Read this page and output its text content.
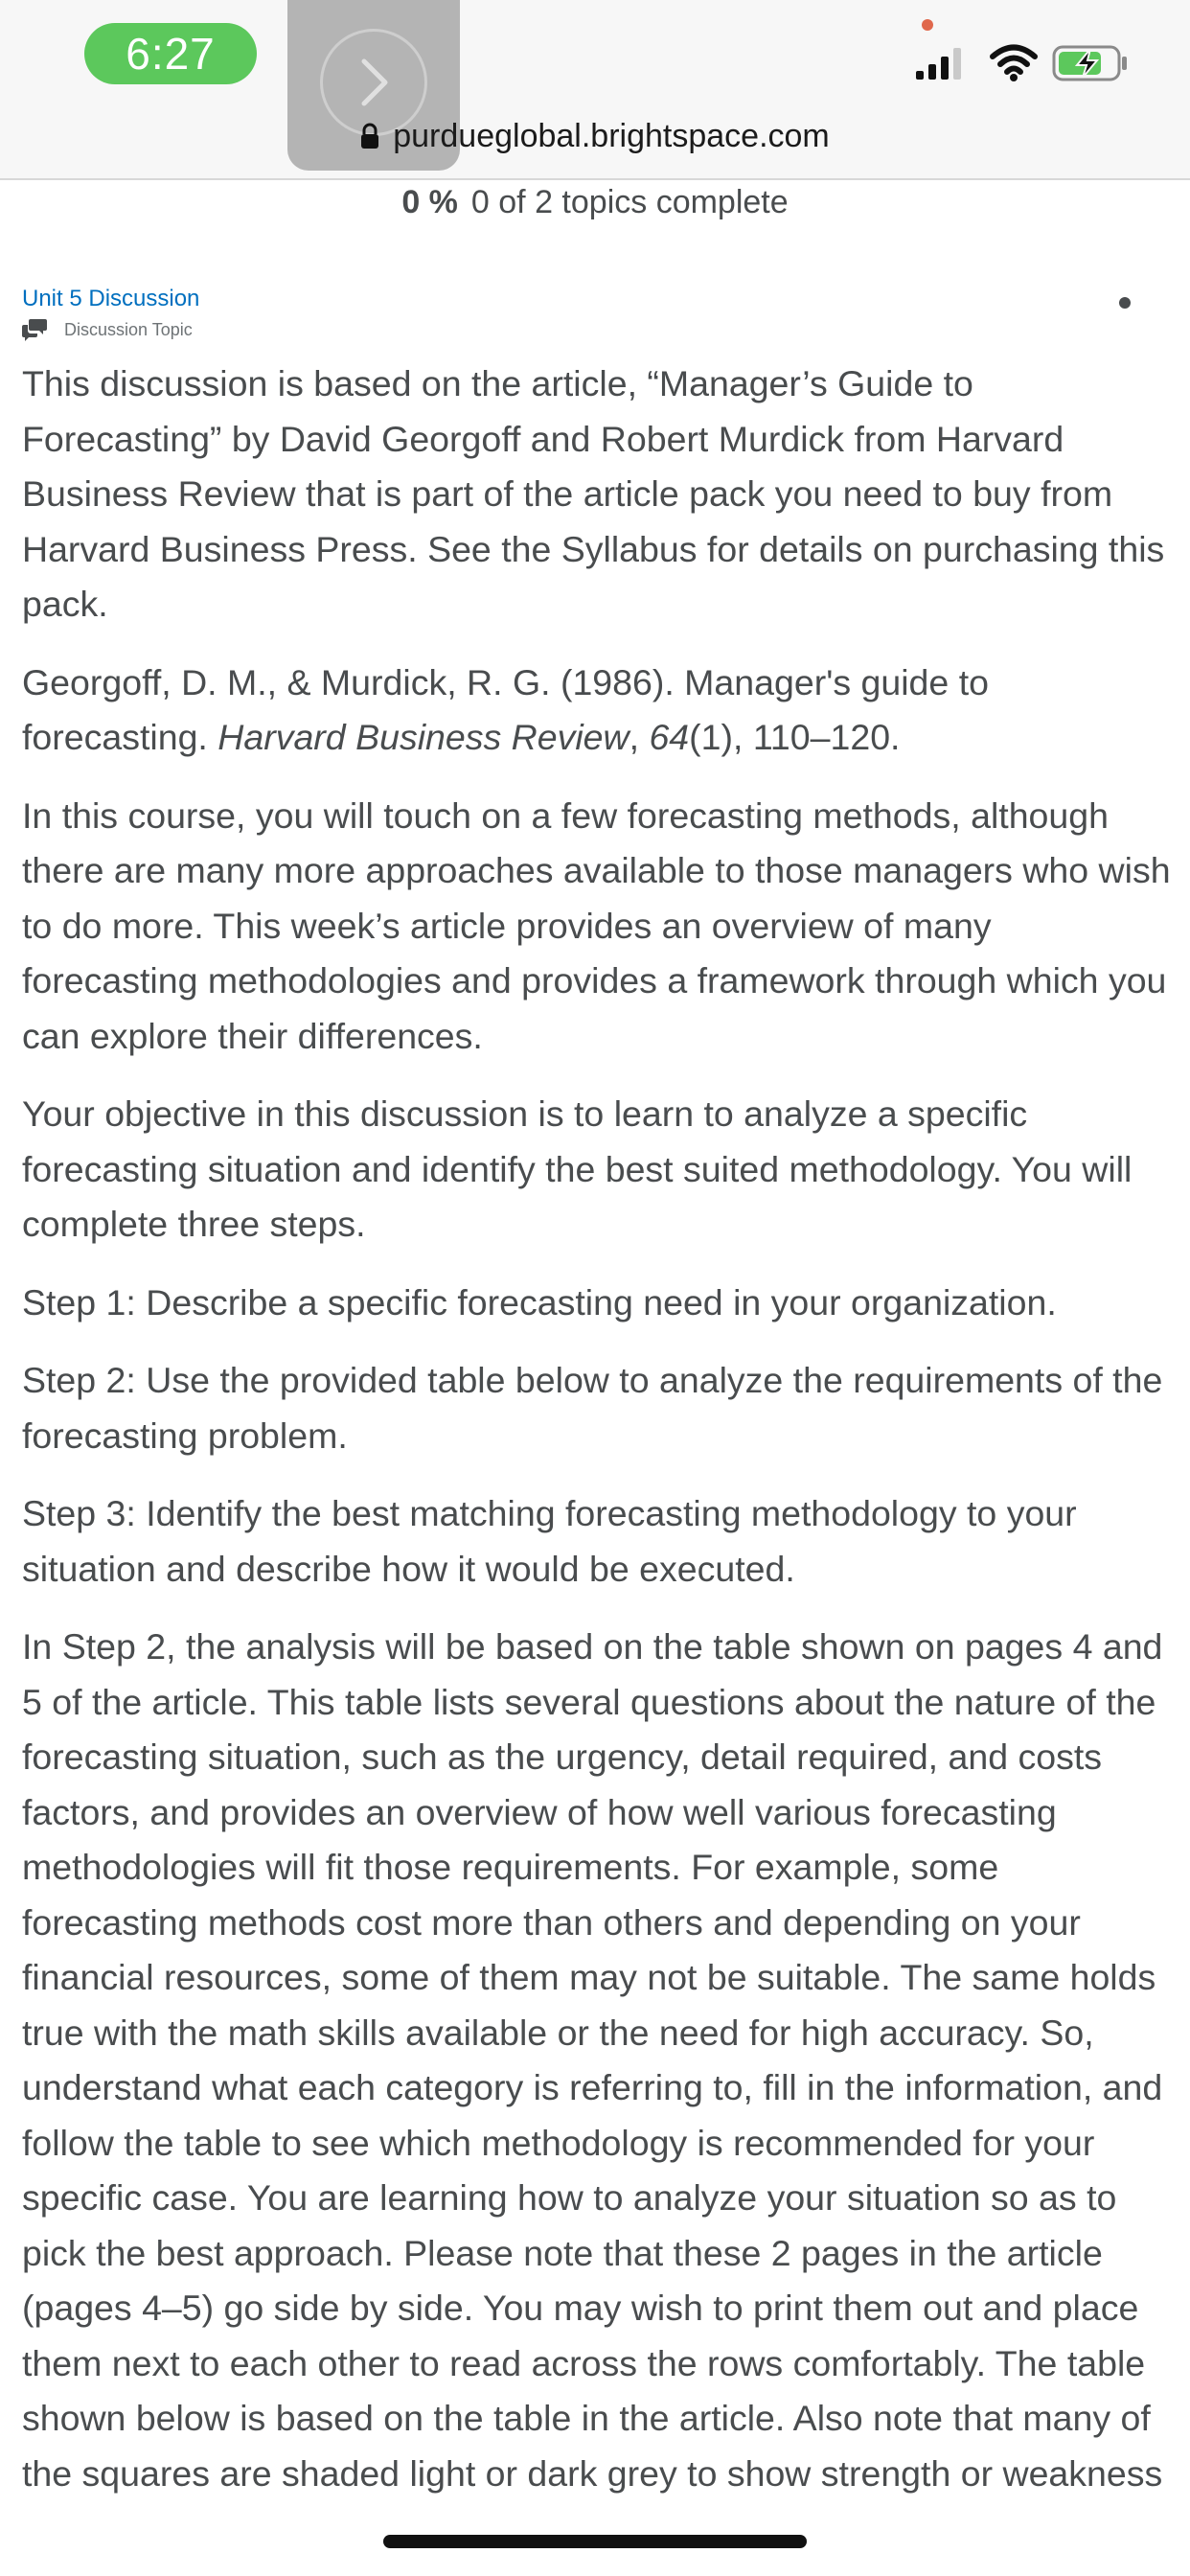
6:27
purdueglobal.brightspace.com
0 % 0 of 2 topics complete
Unit 5 Discussion
Discussion Topic

This discussion is based on the article, “Manager’s Guide to Forecasting” by David Georgoff and Robert Murdick from Harvard Business Review that is part of the article pack you need to buy from Harvard Business Press. See the Syllabus for details on purchasing this pack.

Georgoff, D. M., & Murdick, R. G. (1986). Manager's guide to forecasting. Harvard Business Review, 64(1), 110–120.

In this course, you will touch on a few forecasting methods, although there are many more approaches available to those managers who wish to do more. This week’s article provides an overview of many forecasting methodologies and provides a framework through which you can explore their differences.

Your objective in this discussion is to learn to analyze a specific forecasting situation and identify the best suited methodology. You will complete three steps.

Step 1: Describe a specific forecasting need in your organization.

Step 2: Use the provided table below to analyze the requirements of the forecasting problem.

Step 3: Identify the best matching forecasting methodology to your situation and describe how it would be executed.

In Step 2, the analysis will be based on the table shown on pages 4 and 5 of the article. This table lists several questions about the nature of the forecasting situation, such as the urgency, detail required, and costs factors, and provides an overview of how well various forecasting methodologies will fit those requirements. For example, some forecasting methods cost more than others and depending on your financial resources, some of them may not be suitable. The same holds true with the math skills available or the need for high accuracy. So, understand what each category is referring to, fill in the information, and follow the table to see which methodology is recommended for your specific case. You are learning how to analyze your situation so as to pick the best approach. Please note that these 2 pages in the article (pages 4–5) go side by side. You may wish to print them out and place them next to each other to read across the rows comfortably. The table shown below is based on the table in the article. Also note that many of the squares are shaded light or dark grey to show strength or weakness
